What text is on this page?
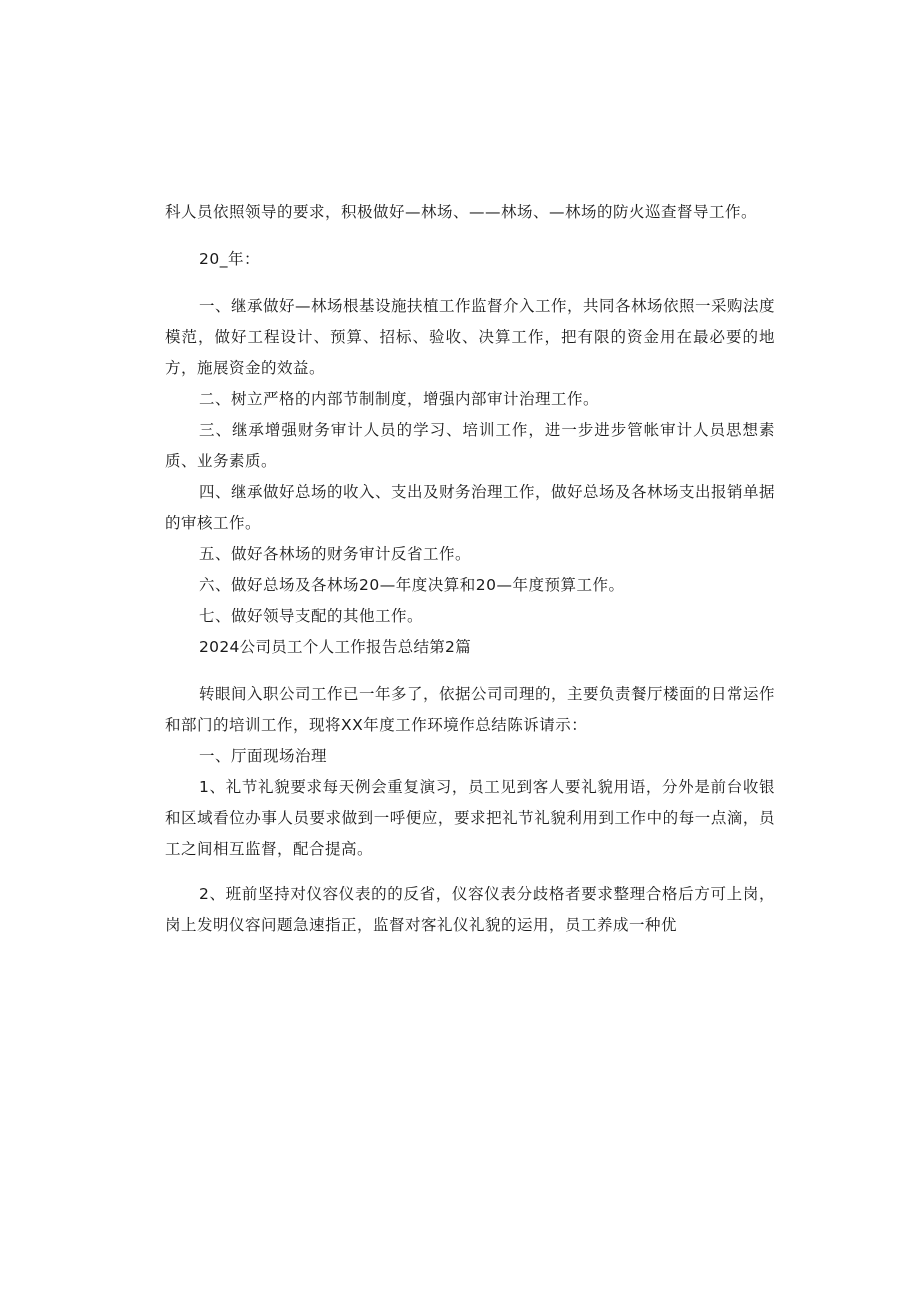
科人员依照领导的要求，积极做好—林场、——林场、—林场的防火巡查督导工作。

20_年：

一、继承做好—林场根基设施扶植工作监督介入工作，共同各林场依照一采购法度模范，做好工程设计、预算、招标、验收、决算工作，把有限的资金用在最必要的地方，施展资金的效益。

二、树立严格的内部节制制度，增强内部审计治理工作。

三、继承增强财务审计人员的学习、培训工作，进一步进步管帐审计人员思想素质、业务素质。

四、继承做好总场的收入、支出及财务治理工作，做好总场及各林场支出报销单据的审核工作。

五、做好各林场的财务审计反省工作。

六、做好总场及各林场20—年度决算和20—年度预算工作。

七、做好领导支配的其他工作。

2024公司员工个人工作报告总结第2篇

转眼间入职公司工作已一年多了，依据公司司理的，主要负责餐厅楼面的日常运作和部门的培训工作，现将XX年度工作环境作总结陈诉请示：

一、厅面现场治理

1、礼节礼貌要求每天例会重复演习，员工见到客人要礼貌用语，分外是前台收银和区域看位办事人员要求做到一呼便应，要求把礼节礼貌利用到工作中的每一点滴，员工之间相互监督，配合提高。

2、班前坚持对仪容仪表的的反省，仪容仪表分歧格者要求整理合格后方可上岗，岗上发明仪容问题急速指正，监督对客礼仪礼貌的运用，员工养成一种优
